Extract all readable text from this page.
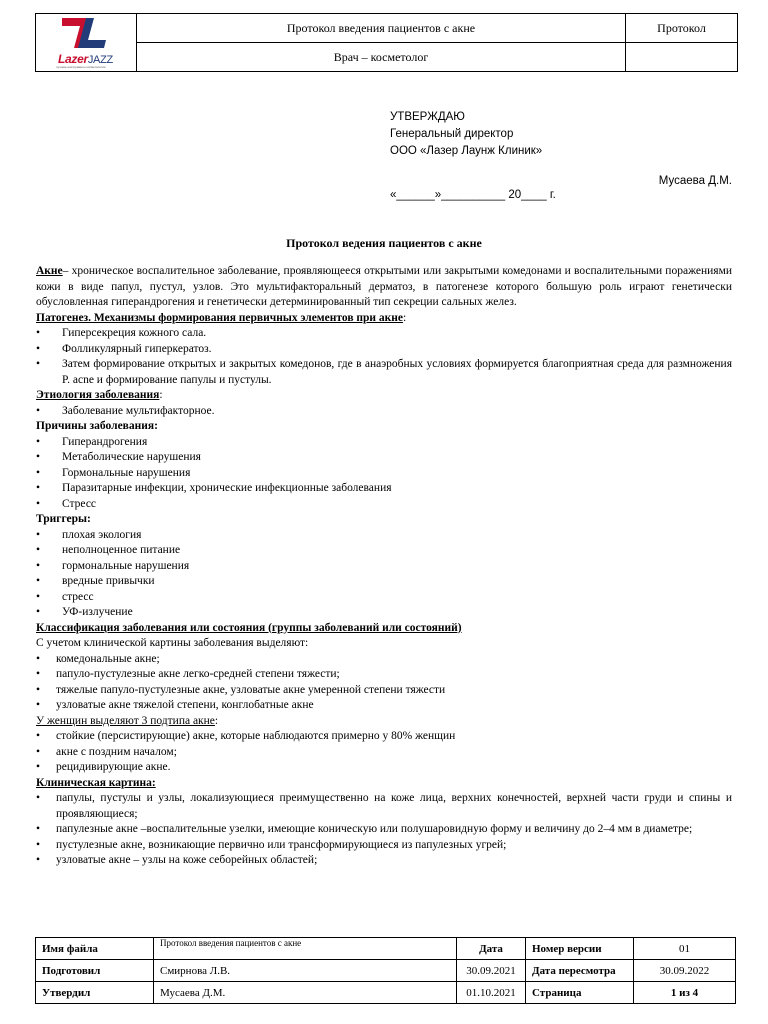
LazerJAZZ
лучшие инструменты косметологии	Протокол введения пациентов с акне	Протокол
	Врач – косметолог	
УТВЕРЖДАЮ
Генеральный директор
ООО «Лазер Лаунж Клиник»
Мусаева Д.М.
«______»__________ 20____ г.
Протокол ведения пациентов с акне

Акне– хроническое воспалительное заболевание, проявляющееся открытыми или закрытыми комедонами и воспалительными поражениями кожи в виде папул, пустул, узлов. Это мультифакторальный дерматоз, в патогенезе которого большую роль играют генетически обусловленная гиперандрогения и генетически детерминированный тип секреции сальных желез.

Патогенез. Механизмы формирования первичных элементов при акне:

• Гиперсекреция кожного сала.
• Фолликулярный гиперкератоз.
• Затем формирование открытых и закрытых комедонов, где в анаэробных условиях формируется благоприятная среда для размножения P. acne и формирование папулы и пустулы.

Этиология заболевания:

• Заболевание мультифакторное.

Причины заболевания:

• Гиперандрогения
• Метаболические нарушения
• Гормональные нарушения
• Паразитарные инфекции, хронические инфекционные заболевания
• Стресс

Триггеры:

• плохая экология
• неполноценное питание
• гормональные нарушения
• вредные привычки
• стресс
• УФ-излучение

Классификация заболевания или состояния (группы заболеваний или состояний)

С учетом клинической картины заболевания выделяют:

• комедональные акне;
• папуло-пустулезные акне легко-средней степени тяжести;
• тяжелые папуло-пустулезные акне, узловатые акне умеренной степени тяжести
• узловатые акне тяжелой степени, конглобатные акне

У женщин выделяют 3 подтипа акне:

• стойкие (персистирующие) акне, которые наблюдаются примерно у 80% женщин
• акне с поздним началом;
• рецидивирующие акне.

Клиническая картина:

• папулы, пустулы и узлы, локализующиеся преимущественно на коже лица, верхних конечностей, верхней части груди и спины и проявляющиеся;
• папулезные акне –воспалительные узелки, имеющие коническую или полушаровидную форму и величину до 2–4 мм в диаметре;
• пустулезные акне, возникающие первично или трансформирующиеся из папулезных угрей;
• узловатые акне – узлы на коже себорейных областей;
Имя файла	Протокол введения пациентов с акне	Дата	Номер версии	01
Подготовил	Смирнова Л.В.	30.09.2021	Дата пересмотра	30.09.2022
Утвердил	Мусаева Д.М.	01.10.2021	Страница	1 из 4
